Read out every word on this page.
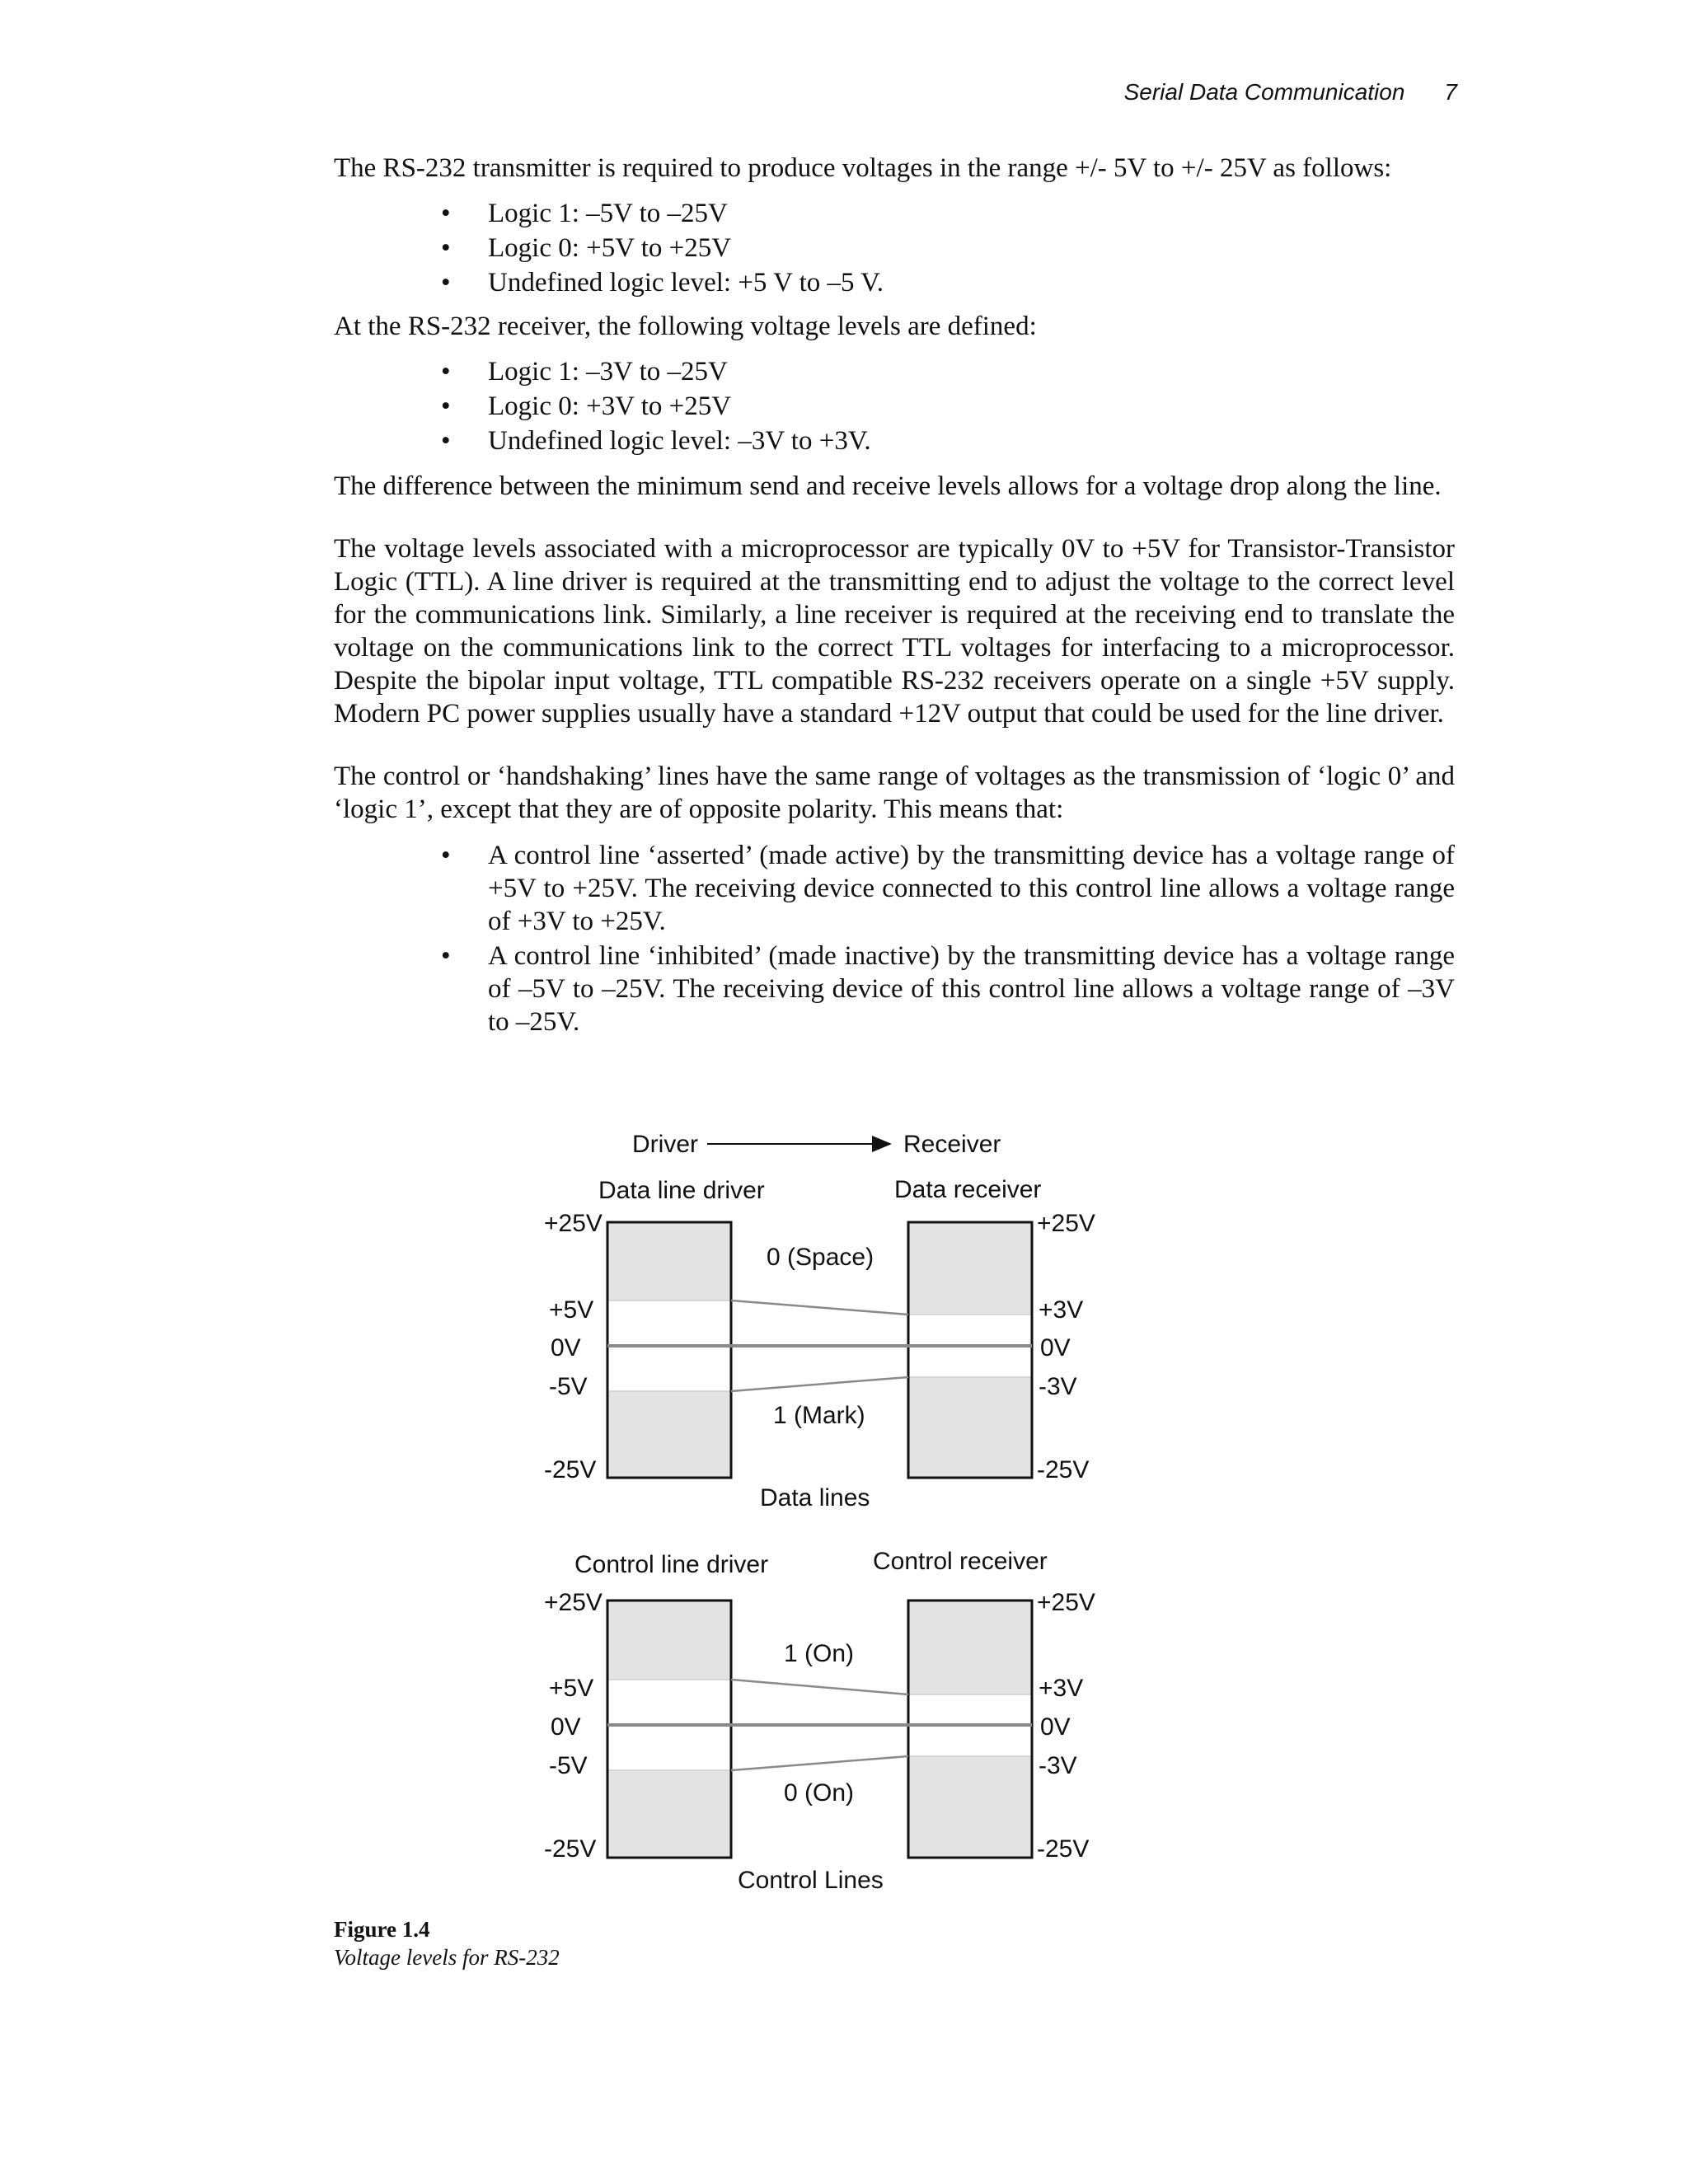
Serial Data Communication 7

The RS-232 transmitter is required to produce voltages in the range +/- 5V to +/- 25V as follows:

• Logic 1: –5V to –25V
• Logic 0: +5V to +25V
• Undefined logic level: +5 V to –5 V.

At the RS-232 receiver, the following voltage levels are defined:

• Logic 1: –3V to –25V
• Logic 0: +3V to +25V
• Undefined logic level: –3V to +3V.

The difference between the minimum send and receive levels allows for a voltage drop along the line.

The voltage levels associated with a microprocessor are typically 0V to +5V for Transistor-Transistor Logic (TTL). A line driver is required at the transmitting end to adjust the voltage to the correct level for the communications link. Similarly, a line receiver is required at the receiving end to translate the voltage on the communications link to the correct TTL voltages for interfacing to a microprocessor. Despite the bipolar input voltage, TTL compatible RS-232 receivers operate on a single +5V supply. Modern PC power supplies usually have a standard +12V output that could be used for the line driver.

The control or ‘handshaking’ lines have the same range of voltages as the transmission of ‘logic 0’ and ‘logic 1’, except that they are of opposite polarity. This means that:

• A control line ‘asserted’ (made active) by the transmitting device has a voltage range of +5V to +25V. The receiving device connected to this control line allows a voltage range of +3V to +25V.
• A control line ‘inhibited’ (made inactive) by the transmitting device has a voltage range of –5V to –25V. The receiving device of this control line allows a voltage range of –3V to –25V.
Driver	Receiver
Data line driver	Data receiver
+25V
+5V
0V
-5V
-25V
+25V
+3V
0V
-3V
-25V
0 (Space)
1 (Mark)
Data lines
Control line driver	Control receiver
+25V
+5V
0V
-5V
-25V
+25V
+3V
0V
-3V
-25V
1 (On)
0 (On)
Control Lines
Figure 1.4
Voltage levels for RS-232
